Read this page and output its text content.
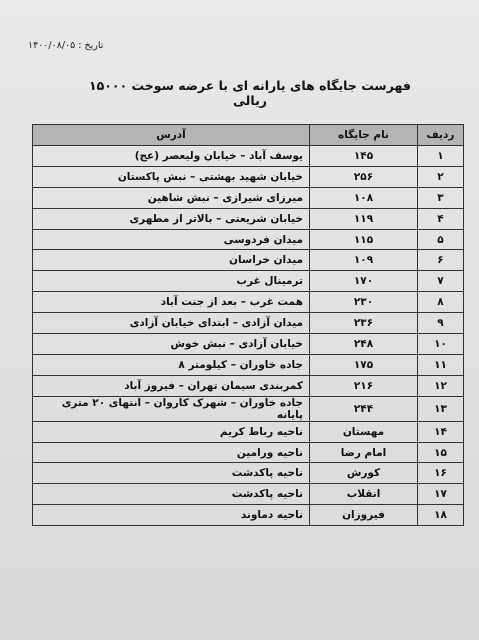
تاریخ : ۱۴۰۰/۰۸/۰۵
فهرست جایگاه های یارانه ای با عرضه سوخت ۱۵۰۰۰ ریالی
ردیف	نام جایگاه	آدرس
۱	۱۴۵	یوسف آباد – خیابان ولیعصر (عج)
۲	۲۵۶	خیابان شهید بهشتی – نبش پاکستان
۳	۱۰۸	میرزای شیرازی – نبش شاهین
۴	۱۱۹	خیابان شریعتی – بالاتر از مطهری
۵	۱۱۵	میدان فردوسی
۶	۱۰۹	میدان خراسان
۷	۱۷۰	ترمینال غرب
۸	۲۳۰	همت غرب – بعد از جنت آباد
۹	۲۳۶	میدان آزادی – ابتدای خیابان آزادی
۱۰	۲۴۸	خیابان آزادی – نبش خوش
۱۱	۱۷۵	جاده خاوران – کیلومتر ۸
۱۲	۲۱۶	کمربندی سیمان تهران – فیروز آباد
۱۳	۲۴۴	جاده خاوران – شهرک کاروان – انتهای ۲۰ متری پایانه
۱۴	مهستان	ناحیه رباط کریم
۱۵	امام رضا	ناحیه ورامین
۱۶	کورش	ناحیه پاکدشت
۱۷	انقلاب	ناحیه پاکدشت
۱۸	فیروزان	ناحیه دماوند
